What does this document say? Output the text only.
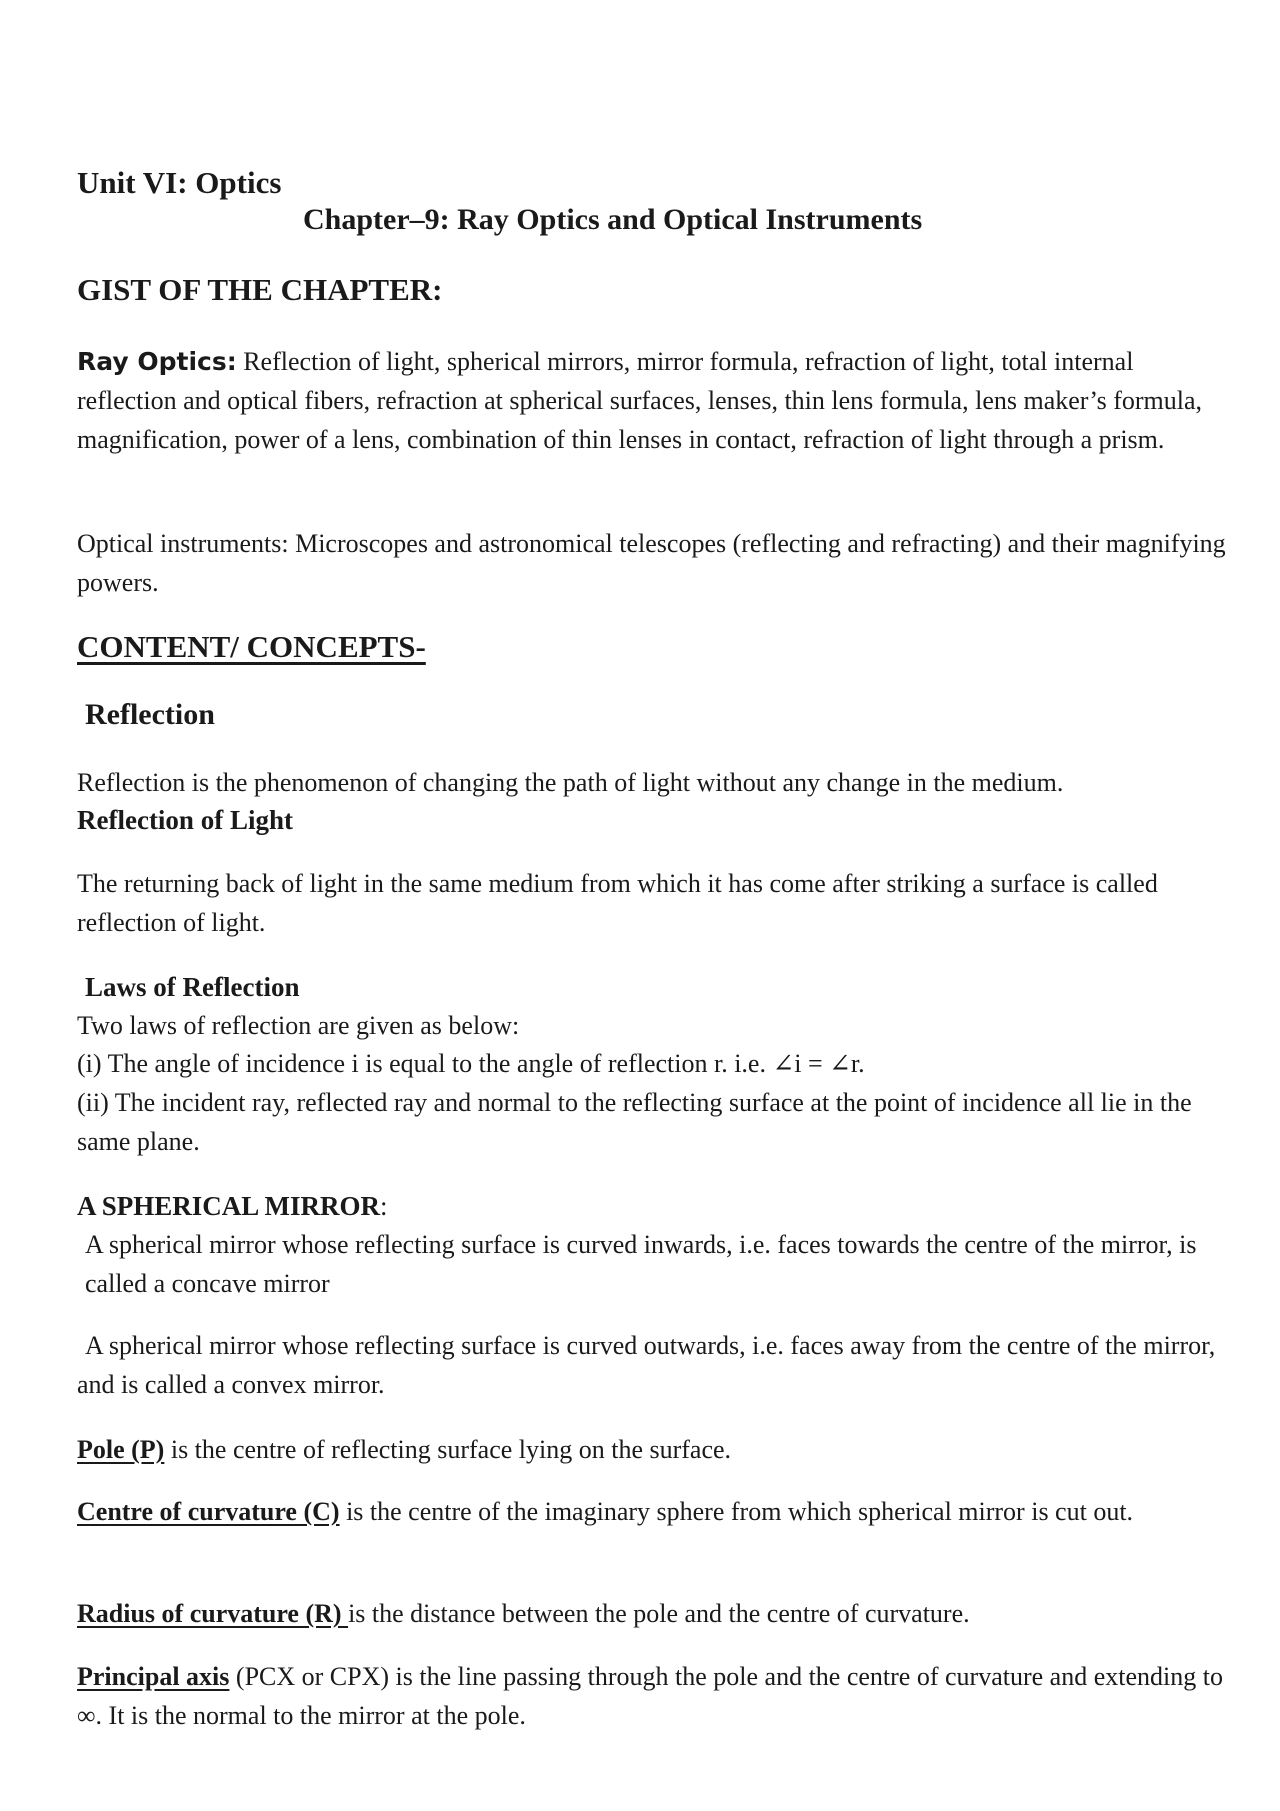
Unit VI: Optics
Chapter–9: Ray Optics and Optical Instruments
GIST OF THE CHAPTER:

Ray Optics: Reflection of light, spherical mirrors, mirror formula, refraction of light, total internal reflection and optical fibers, refraction at spherical surfaces, lenses, thin lens formula, lens maker’s formula, magnification, power of a lens, combination of thin lenses in contact, refraction of light through a prism.

Optical instruments: Microscopes and astronomical telescopes (reflecting and refracting) and their magnifying powers.

CONTENT/ CONCEPTS-
Reflection

Reflection is the phenomenon of changing the path of light without any change in the medium.

Reflection of Light

The returning back of light in the same medium from which it has come after striking a surface is called reflection of light.

Laws of Reflection

Two laws of reflection are given as below:

(i) The angle of incidence i is equal to the angle of reflection r. i.e. ∠i = ∠r.

(ii) The incident ray, reflected ray and normal to the reflecting surface at the point of incidence all lie in the same plane.

A SPHERICAL MIRROR:

A spherical mirror whose reflecting surface is curved inwards, i.e. faces towards the centre of the mirror, is called a concave mirror

A spherical mirror whose reflecting surface is curved outwards, i.e. faces away from the centre of the mirror, and is called a convex mirror.

Pole (P) is the centre of reflecting surface lying on the surface.

Centre of curvature (C) is the centre of the imaginary sphere from which spherical mirror is cut out.

Radius of curvature (R) is the distance between the pole and the centre of curvature.

Principal axis (PCX or CPX) is the line passing through the pole and the centre of curvature and extending to ∞. It is the normal to the mirror at the pole.
